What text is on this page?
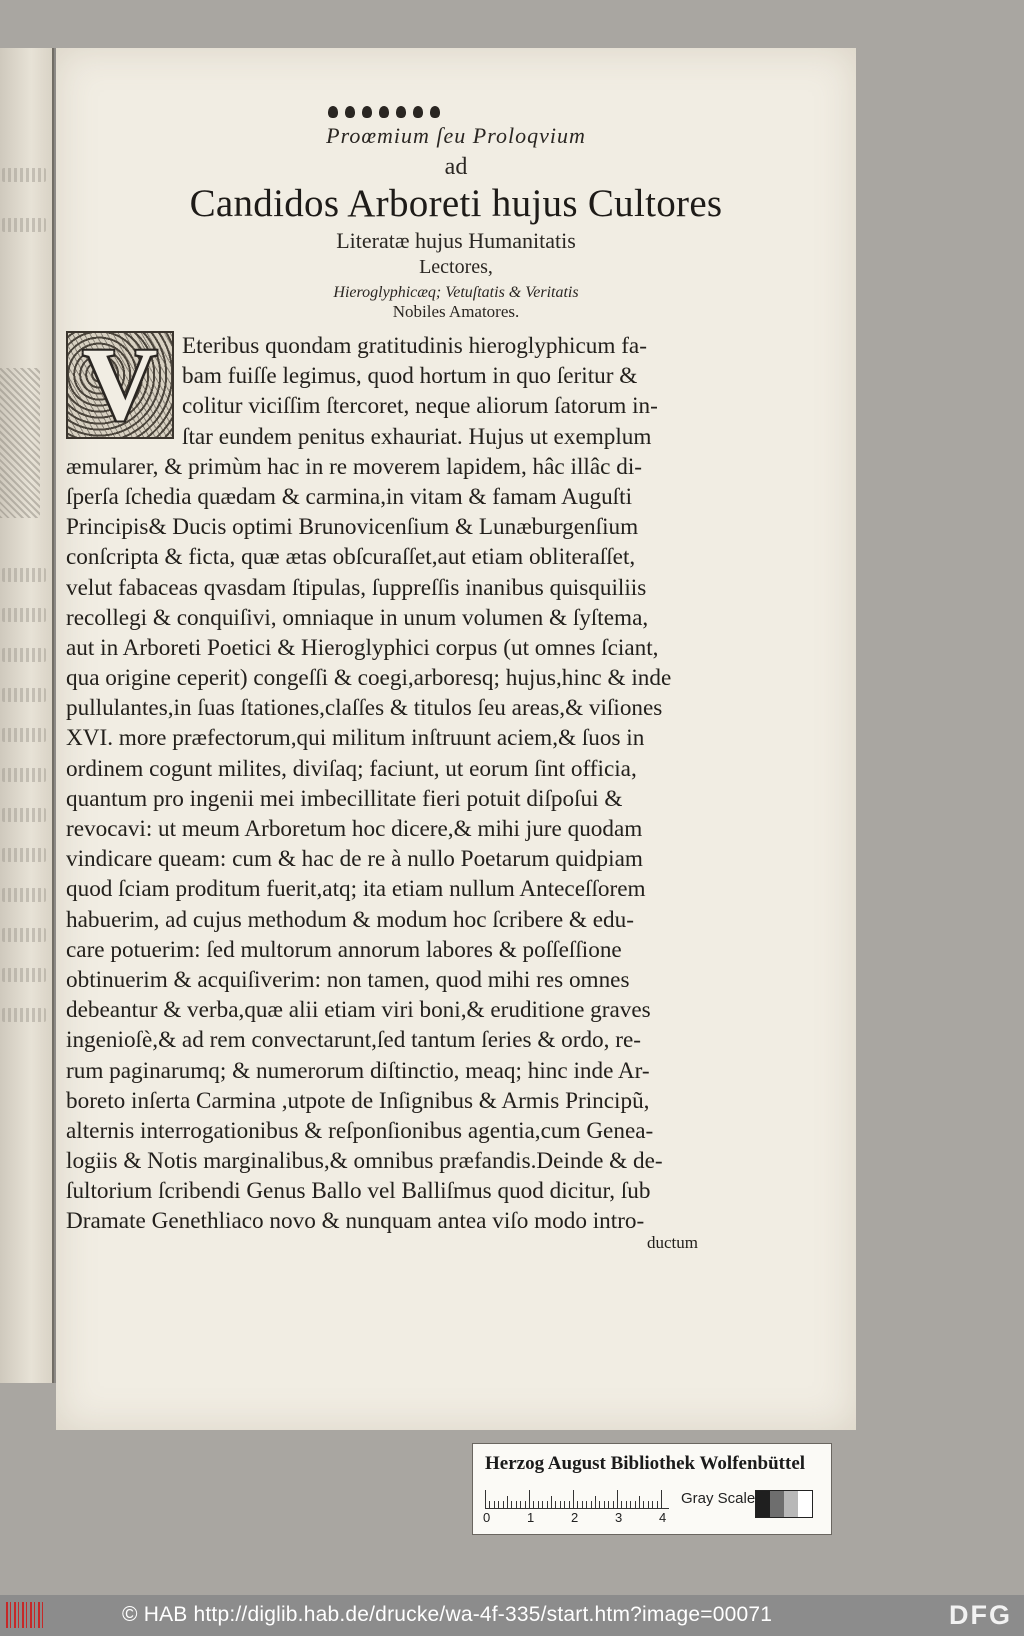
Proœmium ſeu Proloqvium
ad
Candidos Arboreti hujus Cultores
Literatæ hujus Humanitatis
Lectores,
Hieroglyphicæq; Vetuſtatis & Veritatis
Nobiles Amatores.
V	Eteribus quondam gratitudinis hieroglyphicum fa-
bam fuiſſe legimus, quod hortum in quo ſeritur &
colitur viciſſim ſtercoret, neque aliorum ſatorum in-
ſtar eundem penitus exhauriat. Hujus ut exemplum
æmularer, & primùm hac in re moverem lapidem, hâc illâc di-
ſperſa ſchedia quædam & carmina,in vitam & famam Auguſti
Principis& Ducis optimi Brunovicenſium & Lunæburgenſium
conſcripta & ficta, quæ ætas obſcuraſſet,aut etiam obliteraſſet,
velut fabaceas qvasdam ſtipulas, ſuppreſſis inanibus quisquiliis
recollegi & conquiſivi, omniaque in unum volumen & ſyſtema,
aut in Arboreti Poetici & Hieroglyphici corpus (ut omnes ſciant,
qua origine ceperit) congeſſi & coegi,arboresq; hujus,hinc & inde
pullulantes,in ſuas ſtationes,claſſes & titulos ſeu areas,& viſiones
XVI. more præfectorum,qui militum inſtruunt aciem,& ſuos in
ordinem cogunt milites, diviſaq; faciunt, ut eorum ſint officia,
quantum pro ingenii mei imbecillitate fieri potuit diſpoſui &
revocavi: ut meum Arboretum hoc dicere,& mihi jure quodam
vindicare queam: cum & hac de re à nullo Poetarum quidpiam
quod ſciam proditum fuerit,atq; ita etiam nullum Anteceſſorem
habuerim, ad cujus methodum & modum hoc ſcribere & edu-
care potuerim: ſed multorum annorum labores & poſſeſſione
obtinuerim & acquiſiverim: non tamen, quod mihi res omnes
debeantur & verba,quæ alii etiam viri boni,& eruditione graves
ingenioſè,& ad rem convectarunt,ſed tantum ſeries & ordo, re-
rum paginarumq; & numerorum diſtinctio, meaq; hinc inde Ar-
boreto inſerta Carmina ,utpote de Inſignibus & Armis Principũ,
alternis interrogationibus & reſponſionibus agentia,cum Genea-
logiis & Notis marginalibus,& omnibus præfandis.Deinde & de-
ſultorium ſcribendi Genus Ballo vel Balliſmus quod dicitur, ſub
Dramate Genethliaco novo & nunquam antea viſo modo intro-
ductum
Herzog August Bibliothek Wolfenbüttel
0	1	2	3	4
Gray Scale
© HAB http://diglib.hab.de/drucke/wa-4f-335/start.htm?image=00071	DFG
